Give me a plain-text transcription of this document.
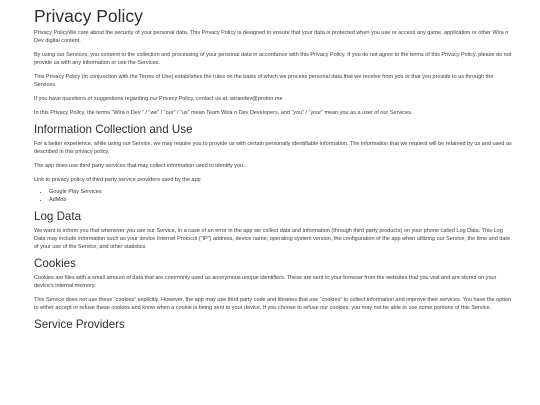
Privacy Policy

Privacy PolicyWe care about the security of your personal data. This Privacy Policy is designed to ensure that your data is protected when you use or access any game, application or other Wira n Dev digital content.

By using our Services, you consent to the collection and processing of your personal data in accordance with this Privacy Policy. If you do not agree to the terms of this Privacy Policy, please do not provide us with any information or use the Services.

This Privacy Policy (in conjunction with the Terms of Use) establishes the rules on the basis of which we process personal data that we receive from you or that you provide to us through the Services.

If you have questions or suggestions regarding our Privacy Policy, contact us at: wirandev@proton.me

In this Privacy Policy, the terms “Wira n Dev ” / “we” / “our” / “us” mean Team Wira n Dev Developers, and “you” / “your” mean you as a user of our Services.

Information Collection and Use

For a better experience, while using our Service, we may require you to provide us with certain personally identifiable information. The information that we request will be retained by us and used as described in this privacy policy.

The app does use third party services that may collect information used to identify you.

Link to privacy policy of third party service providers used by the app

• Google Play Services
• AdMob
Log Data

We want to inform you that whenever you use our Service, in a case of an error in the app we collect data and information (through third party products) on your phone called Log Data. This Log Data may include information such as your device Internet Protocol (“IP”) address, device name, operating system version, the configuration of the app when utilizing our Service, the time and date of your use of the Service, and other statistics.

Cookies

Cookies are files with a small amount of data that are commonly used as anonymous unique identifiers. These are sent to your browser from the websites that you visit and are stored on your device's internal memory.

This Service does not use these “cookies” explicitly. However, the app may use third party code and libraries that use “cookies” to collect information and improve their services. You have the option to either accept or refuse these cookies and know when a cookie is being sent to your device. If you choose to refuse our cookies, you may not be able to use some portions of this Service.

Service Providers
